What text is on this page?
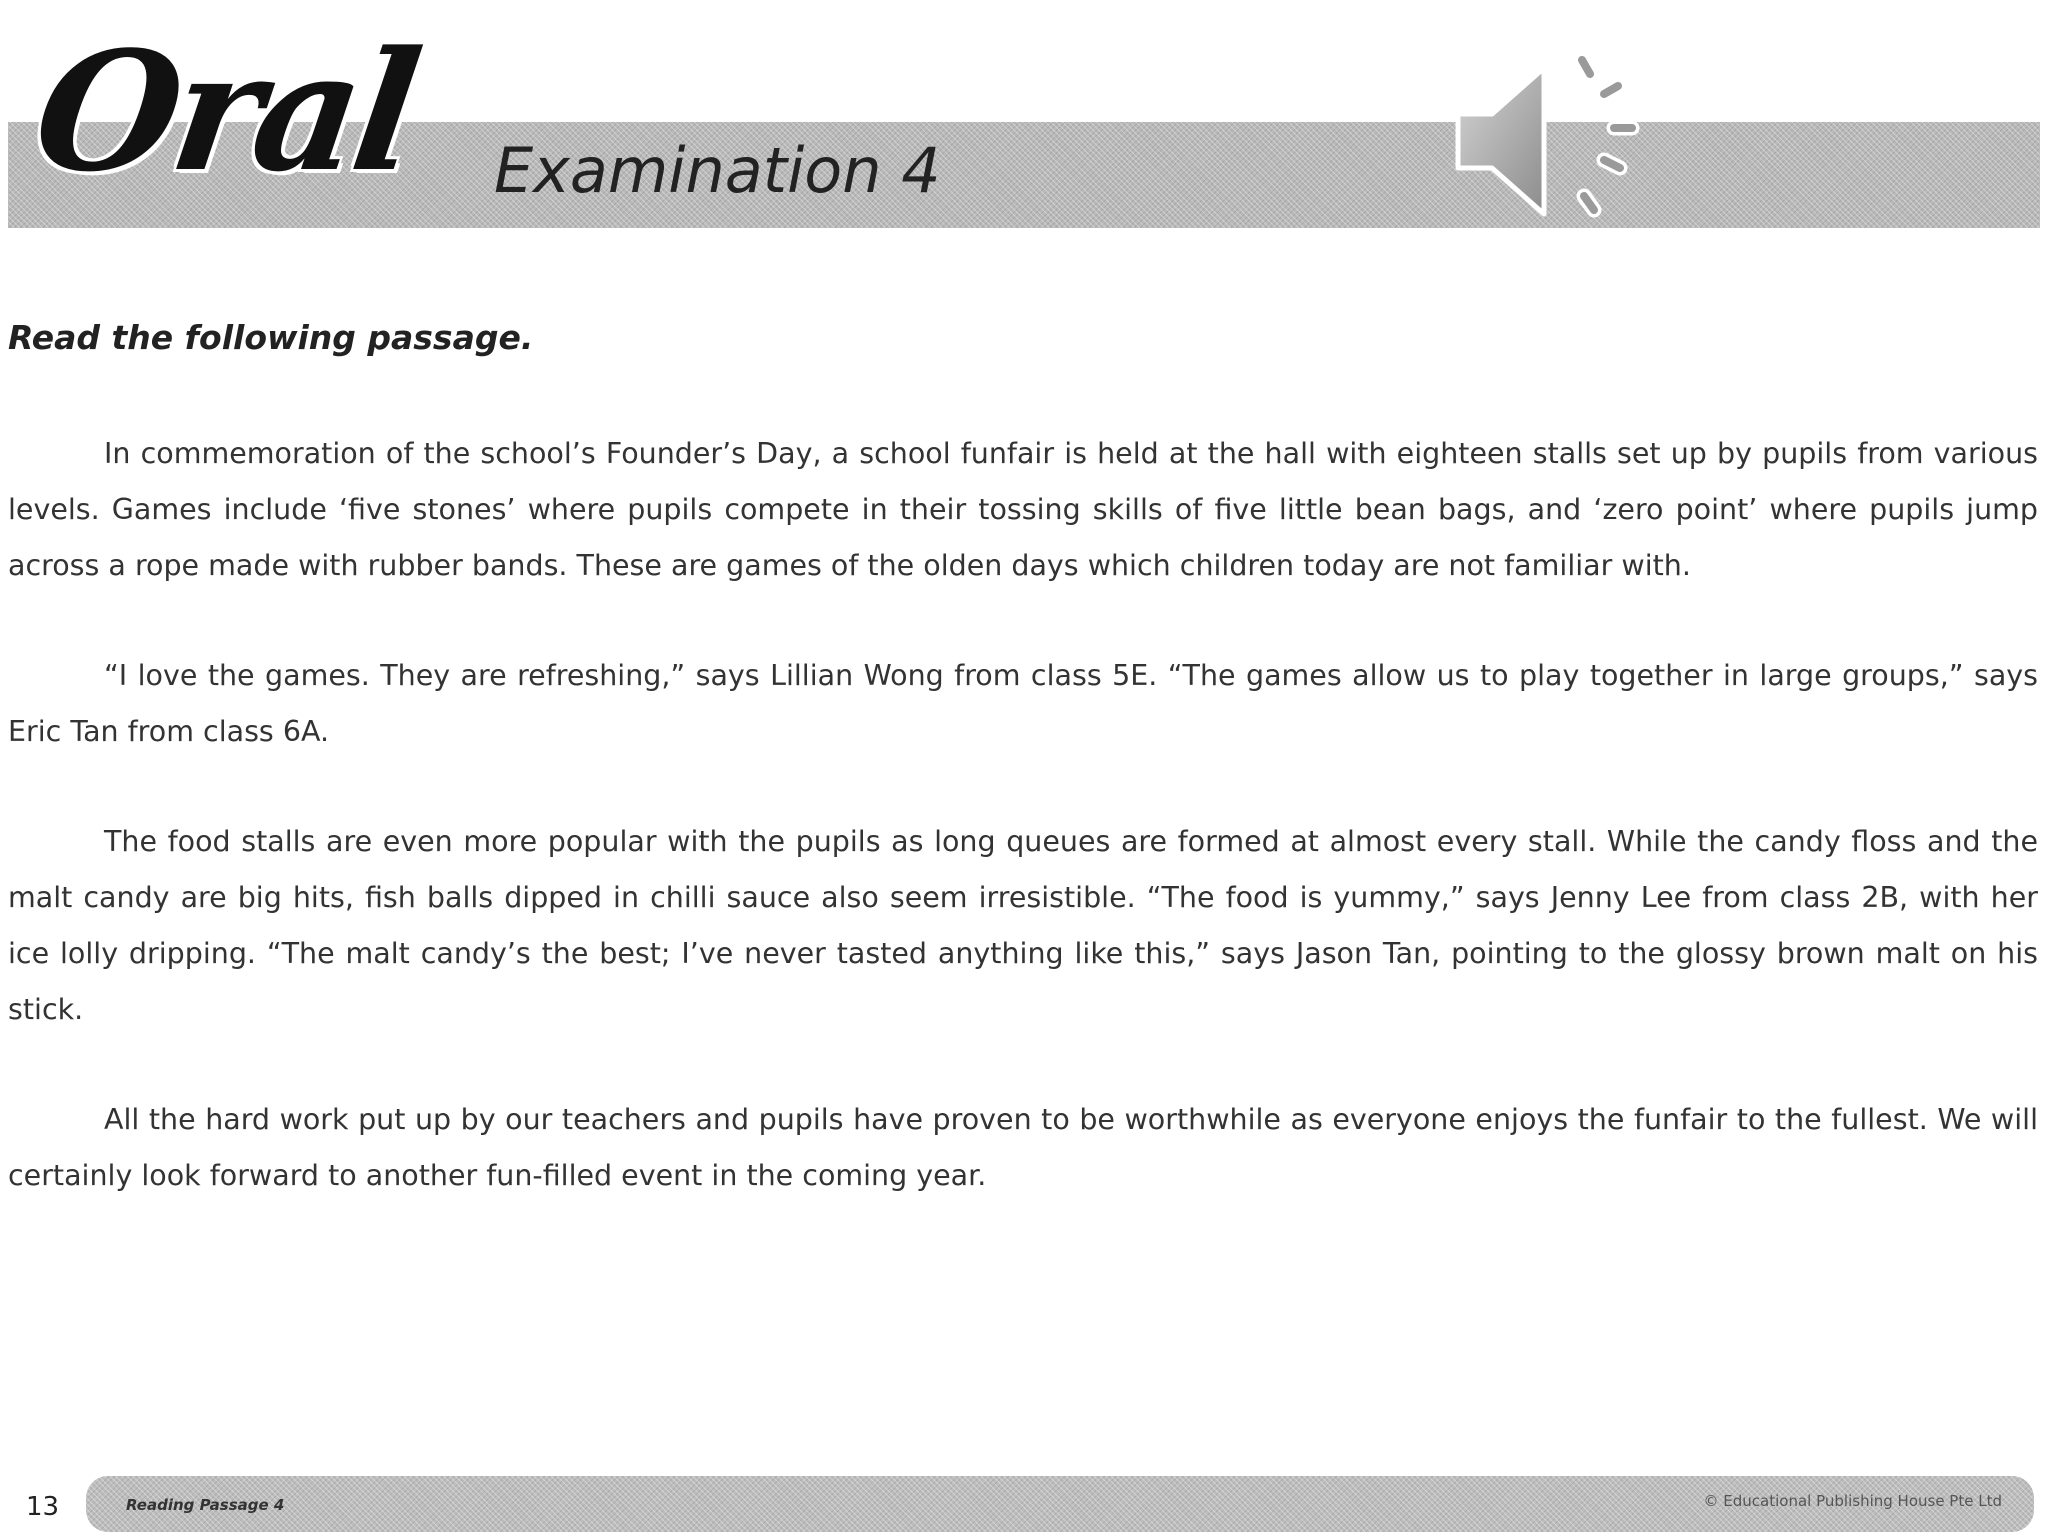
Oral Examination 4
Read the following passage.

In commemoration of the school’s Founder’s Day, a school funfair is held at the hall with eighteen stalls set up by pupils from various levels. Games include ‘five stones’ where pupils compete in their tossing skills of five little bean bags, and ‘zero point’ where pupils jump across a rope made with rubber bands. These are games of the olden days which children today are not familiar with.

“I love the games. They are refreshing,” says Lillian Wong from class 5E. “The games allow us to play together in large groups,” says Eric Tan from class 6A.

The food stalls are even more popular with the pupils as long queues are formed at almost every stall. While the candy floss and the malt candy are big hits, fish balls dipped in chilli sauce also seem irresistible. “The food is yummy,” says Jenny Lee from class 2B, with her ice lolly dripping. “The malt candy’s the best; I’ve never tasted anything like this,” says Jason Tan, pointing to the glossy brown malt on his stick.

All the hard work put up by our teachers and pupils have proven to be worthwhile as everyone enjoys the funfair to the fullest. We will certainly look forward to another fun-filled event in the coming year.

13	Reading Passage 4	© Educational Publishing House Pte Ltd
